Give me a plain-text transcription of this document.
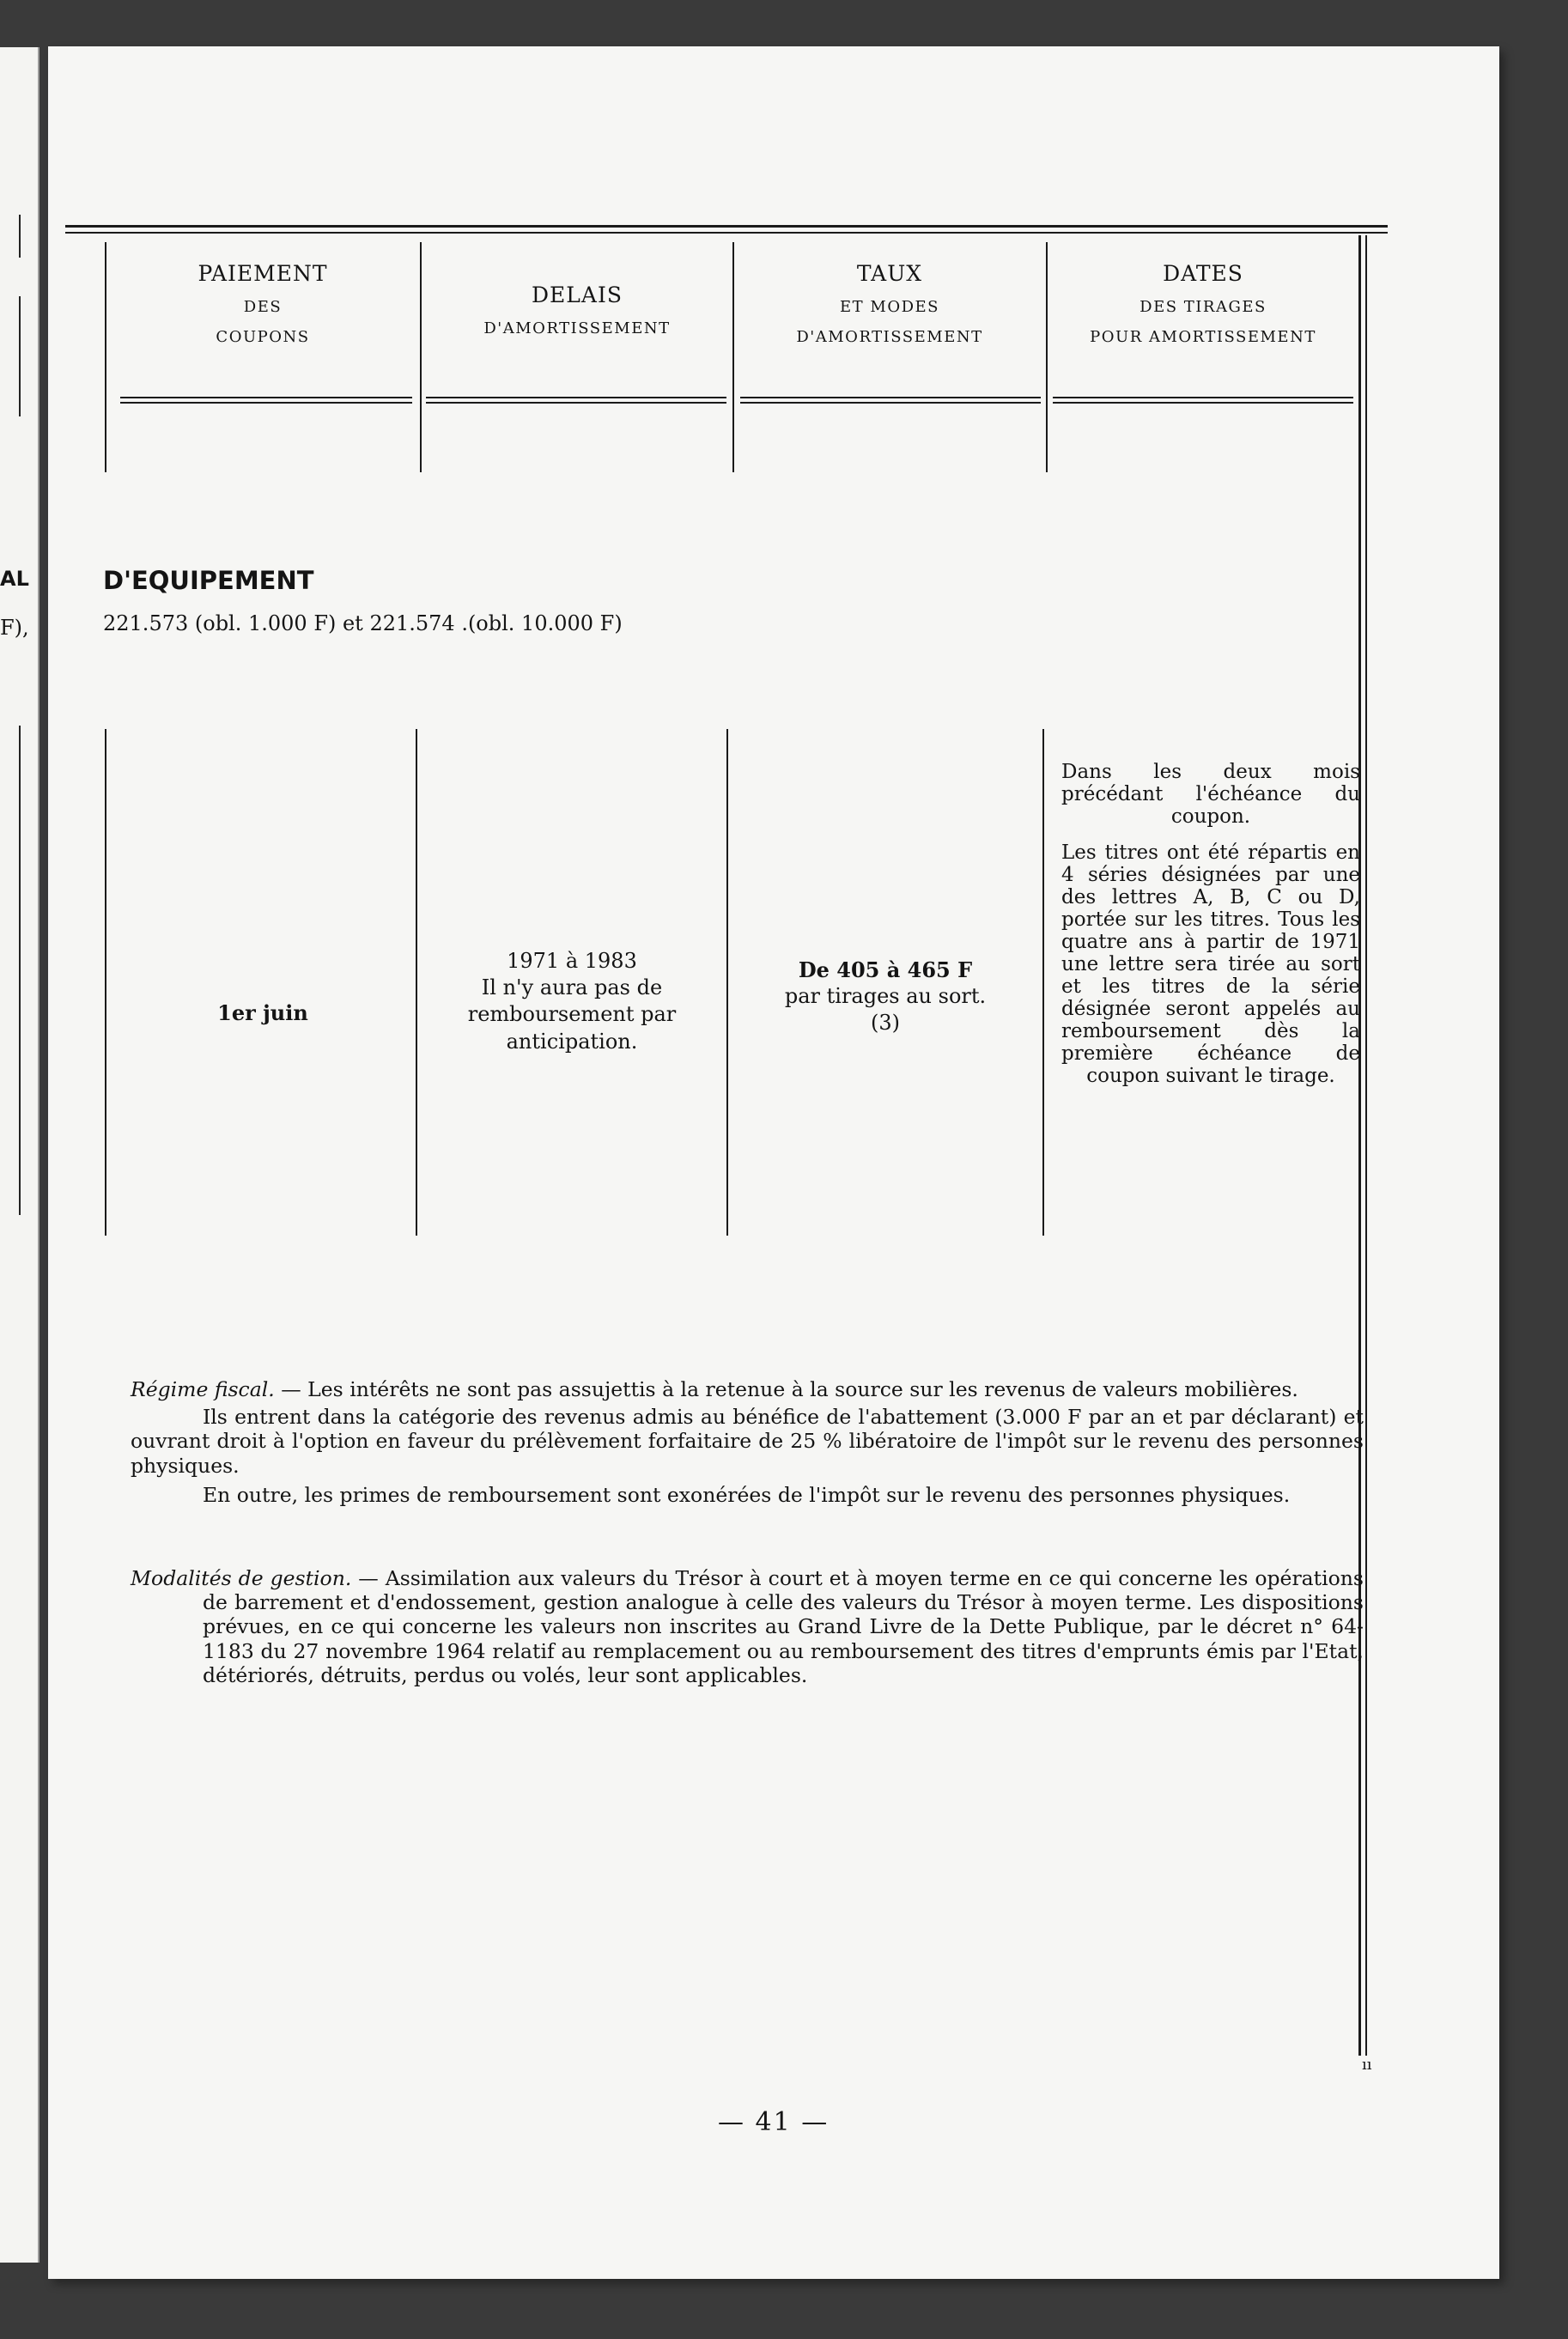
AL
F),
PAIEMENT
DES
COUPONS
DELAIS
D'AMORTISSEMENT
TAUX
ET MODES
D'AMORTISSEMENT
DATES
DES TIRAGES
POUR AMORTISSEMENT
D'EQUIPEMENT
221.573 (obl. 1.000 F) et 221.574 .(obl. 10.000 F)
1er juin
1971 à 1983
Il n'y aura pas de remboursement par anticipation.
De 405 à 465 F
par tirages au sort.
(3)

Dans les deux mois précédant l'échéance du coupon.

Les titres ont été répartis en 4 séries désignées par une des lettres A, B, C ou D, portée sur les titres. Tous les quatre ans à partir de 1971 une lettre sera tirée au sort et les titres de la série désignée seront appelés au remboursement dès la première échéance de coupon suivant le tirage.

Régime fiscal. — Les intérêts ne sont pas assujettis à la retenue à la source sur les revenus de valeurs mobilières.

Ils entrent dans la catégorie des revenus admis au bénéfice de l'abattement (3.000 F par an et par déclarant) et ouvrant droit à l'option en faveur du prélèvement forfaitaire de 25 % libératoire de l'impôt sur le revenu des personnes physiques.

En outre, les primes de remboursement sont exonérées de l'impôt sur le revenu des personnes physiques.

Modalités de gestion. — Assimilation aux valeurs du Trésor à court et à moyen terme en ce qui concerne les opérations de barrement et d'endossement, gestion analogue à celle des valeurs du Trésor à moyen terme. Les dispositions prévues, en ce qui concerne les valeurs non inscrites au Grand Livre de la Dette Publique, par le décret n° 64-1183 du 27 novembre 1964 relatif au remplacement ou au remboursement des titres d'emprunts émis par l'Etat, détériorés, détruits, perdus ou volés, leur sont applicables.

ıı
— 41 —
